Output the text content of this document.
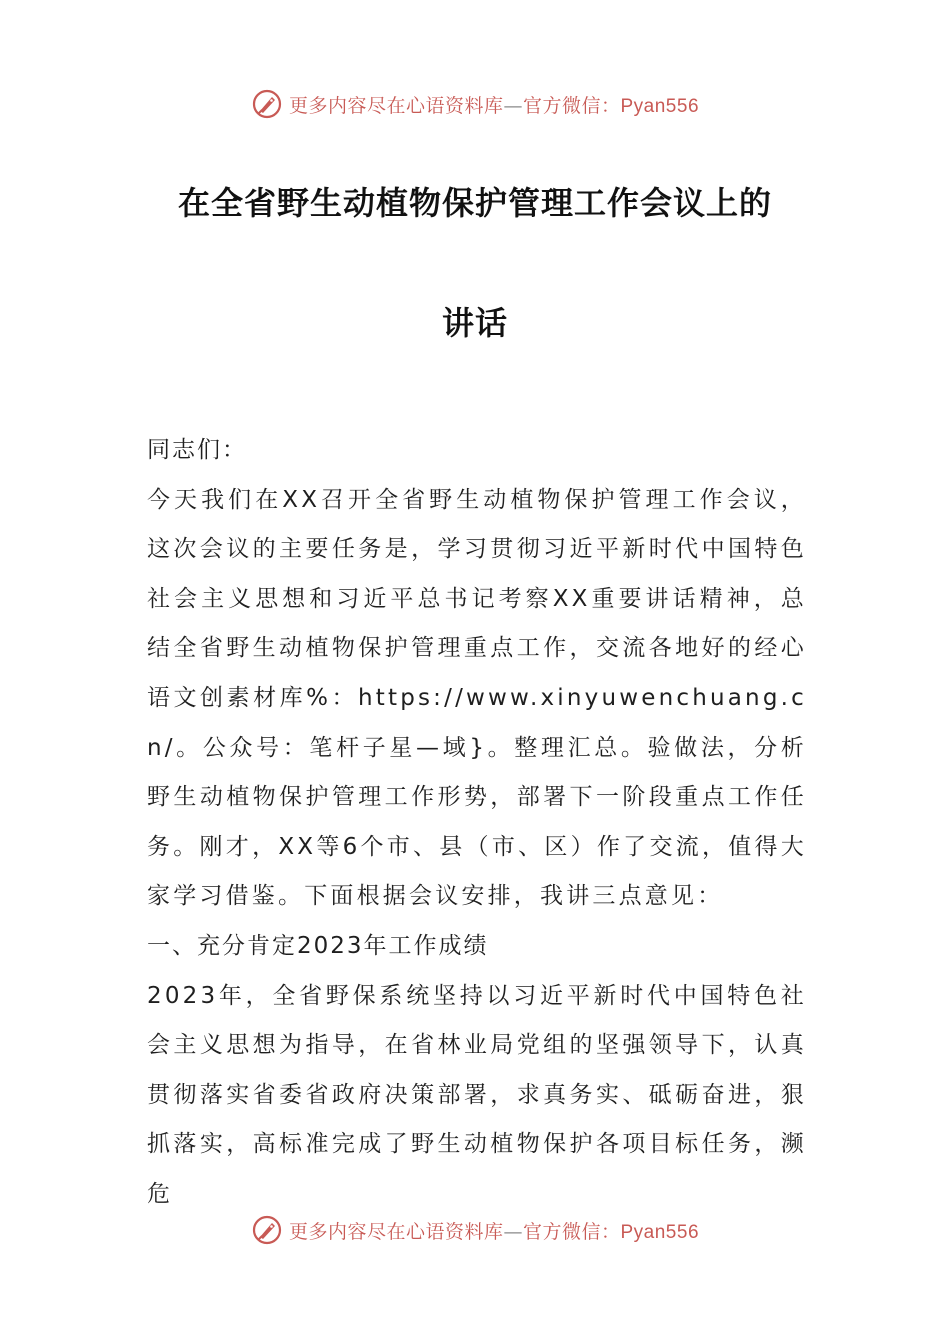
更多内容尽在心语资料库—官方微信：Pyan556
在全省野生动植物保护管理工作会议上的
讲话

同志们：

今天我们在XX召开全省野生动植物保护管理工作会议，这次会议的主要任务是，学习贯彻习近平新时代中国特色社会主义思想和习近平总书记考察XX重要讲话精神，总结全省野生动植物保护管理重点工作，交流各地好的经心语文创素材库%：https://www.xinyuwenchuang.cn/。公众号：笔杆子星—域}。整理汇总。验做法，分析野生动植物保护管理工作形势，部署下一阶段重点工作任务。刚才，XX等6个市、县（市、区）作了交流，值得大家学习借鉴。下面根据会议安排，我讲三点意见：

一、充分肯定2023年工作成绩

2023年，全省野保系统坚持以习近平新时代中国特色社会主义思想为指导，在省林业局党组的坚强领导下，认真贯彻落实省委省政府决策部署，求真务实、砥砺奋进，狠抓落实，高标准完成了野生动植物保护各项目标任务，濒危

更多内容尽在心语资料库—官方微信：Pyan556
